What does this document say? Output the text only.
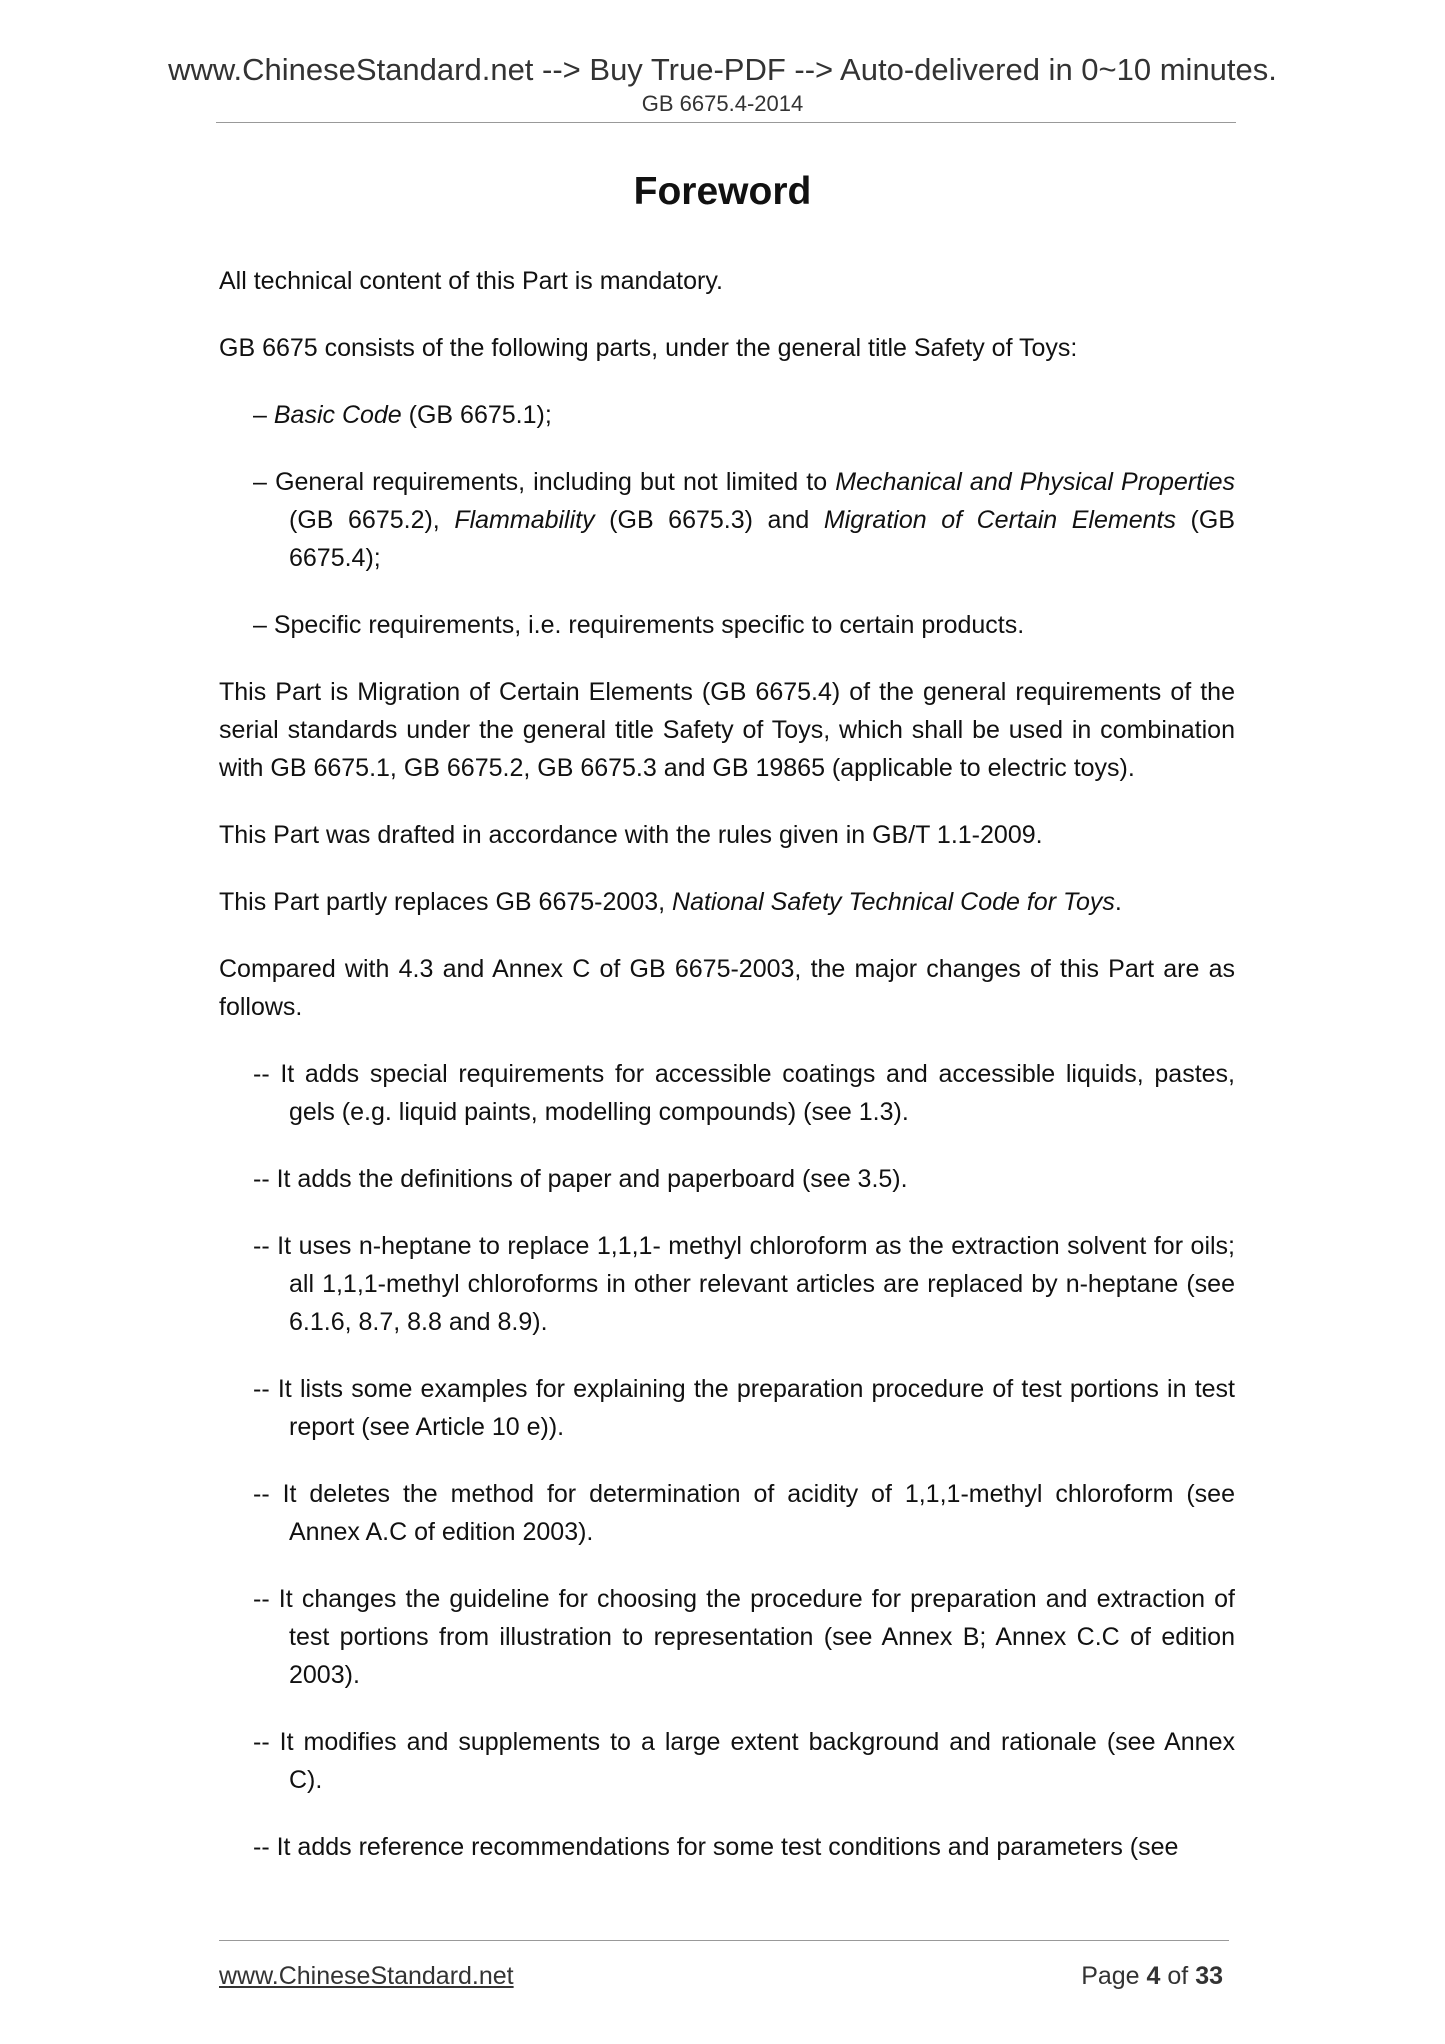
www.ChineseStandard.net --> Buy True-PDF --> Auto-delivered in 0~10 minutes.
GB 6675.4-2014
Foreword

All technical content of this Part is mandatory.

GB 6675 consists of the following parts, under the general title Safety of Toys:

– Basic Code (GB 6675.1);

– General requirements, including but not limited to Mechanical and Physical Properties (GB 6675.2), Flammability (GB 6675.3) and Migration of Certain Elements (GB 6675.4);

– Specific requirements, i.e. requirements specific to certain products.

This Part is Migration of Certain Elements (GB 6675.4) of the general requirements of the serial standards under the general title Safety of Toys, which shall be used in combination with GB 6675.1, GB 6675.2, GB 6675.3 and GB 19865 (applicable to electric toys).

This Part was drafted in accordance with the rules given in GB/T 1.1-2009.

This Part partly replaces GB 6675-2003, National Safety Technical Code for Toys.

Compared with 4.3 and Annex C of GB 6675-2003, the major changes of this Part are as follows.

-- It adds special requirements for accessible coatings and accessible liquids, pastes, gels (e.g. liquid paints, modelling compounds) (see 1.3).

-- It adds the definitions of paper and paperboard (see 3.5).

-- It uses n-heptane to replace 1,1,1- methyl chloroform as the extraction solvent for oils; all 1,1,1-methyl chloroforms in other relevant articles are replaced by n-heptane (see 6.1.6, 8.7, 8.8 and 8.9).

-- It lists some examples for explaining the preparation procedure of test portions in test report (see Article 10 e)).

-- It deletes the method for determination of acidity of 1,1,1-methyl chloroform (see Annex A.C of edition 2003).

-- It changes the guideline for choosing the procedure for preparation and extraction of test portions from illustration to representation (see Annex B; Annex C.C of edition 2003).

-- It modifies and supplements to a large extent background and rationale (see Annex C).

-- It adds reference recommendations for some test conditions and parameters (see

www.ChineseStandard.net	Page 4 of 33
